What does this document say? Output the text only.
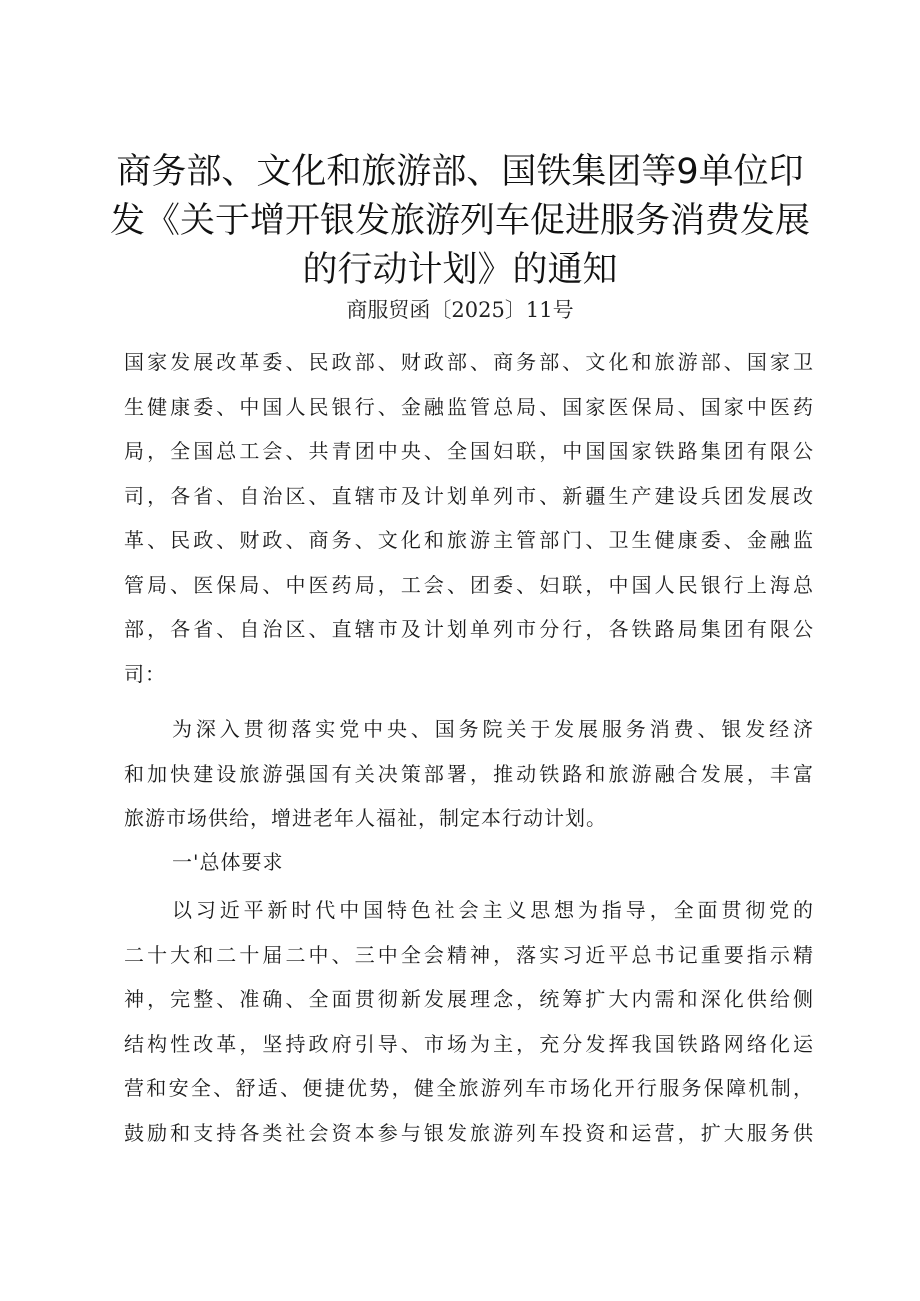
商务部、文化和旅游部、国铁集团等9单位印
发《关于增开银发旅游列车促进服务消费发展
的行动计划》的通知
商服贸函〔2025〕11号
国家发展改革委、民政部、财政部、商务部、文化和旅游部、国家卫
生健康委、中国人民银行、金融监管总局、国家医保局、国家中医药
局，全国总工会、共青团中央、全国妇联，中国国家铁路集团有限公
司，各省、自治区、直辖市及计划单列市、新疆生产建设兵团发展改
革、民政、财政、商务、文化和旅游主管部门、卫生健康委、金融监
管局、医保局、中医药局，工会、团委、妇联，中国人民银行上海总
部，各省、自治区、直辖市及计划单列市分行，各铁路局集团有限公
司：
为深入贯彻落实党中央、国务院关于发展服务消费、银发经济
和加快建设旅游强国有关决策部署，推动铁路和旅游融合发展，丰富
旅游市场供给，增进老年人福祉，制定本行动计划。
一'总体要求
以习近平新时代中国特色社会主义思想为指导，全面贯彻党的
二十大和二十届二中、三中全会精神，落实习近平总书记重要指示精
神，完整、准确、全面贯彻新发展理念，统筹扩大内需和深化供给侧
结构性改革，坚持政府引导、市场为主，充分发挥我国铁路网络化运
营和安全、舒适、便捷优势，健全旅游列车市场化开行服务保障机制，
鼓励和支持各类社会资本参与银发旅游列车投资和运营，扩大服务供
